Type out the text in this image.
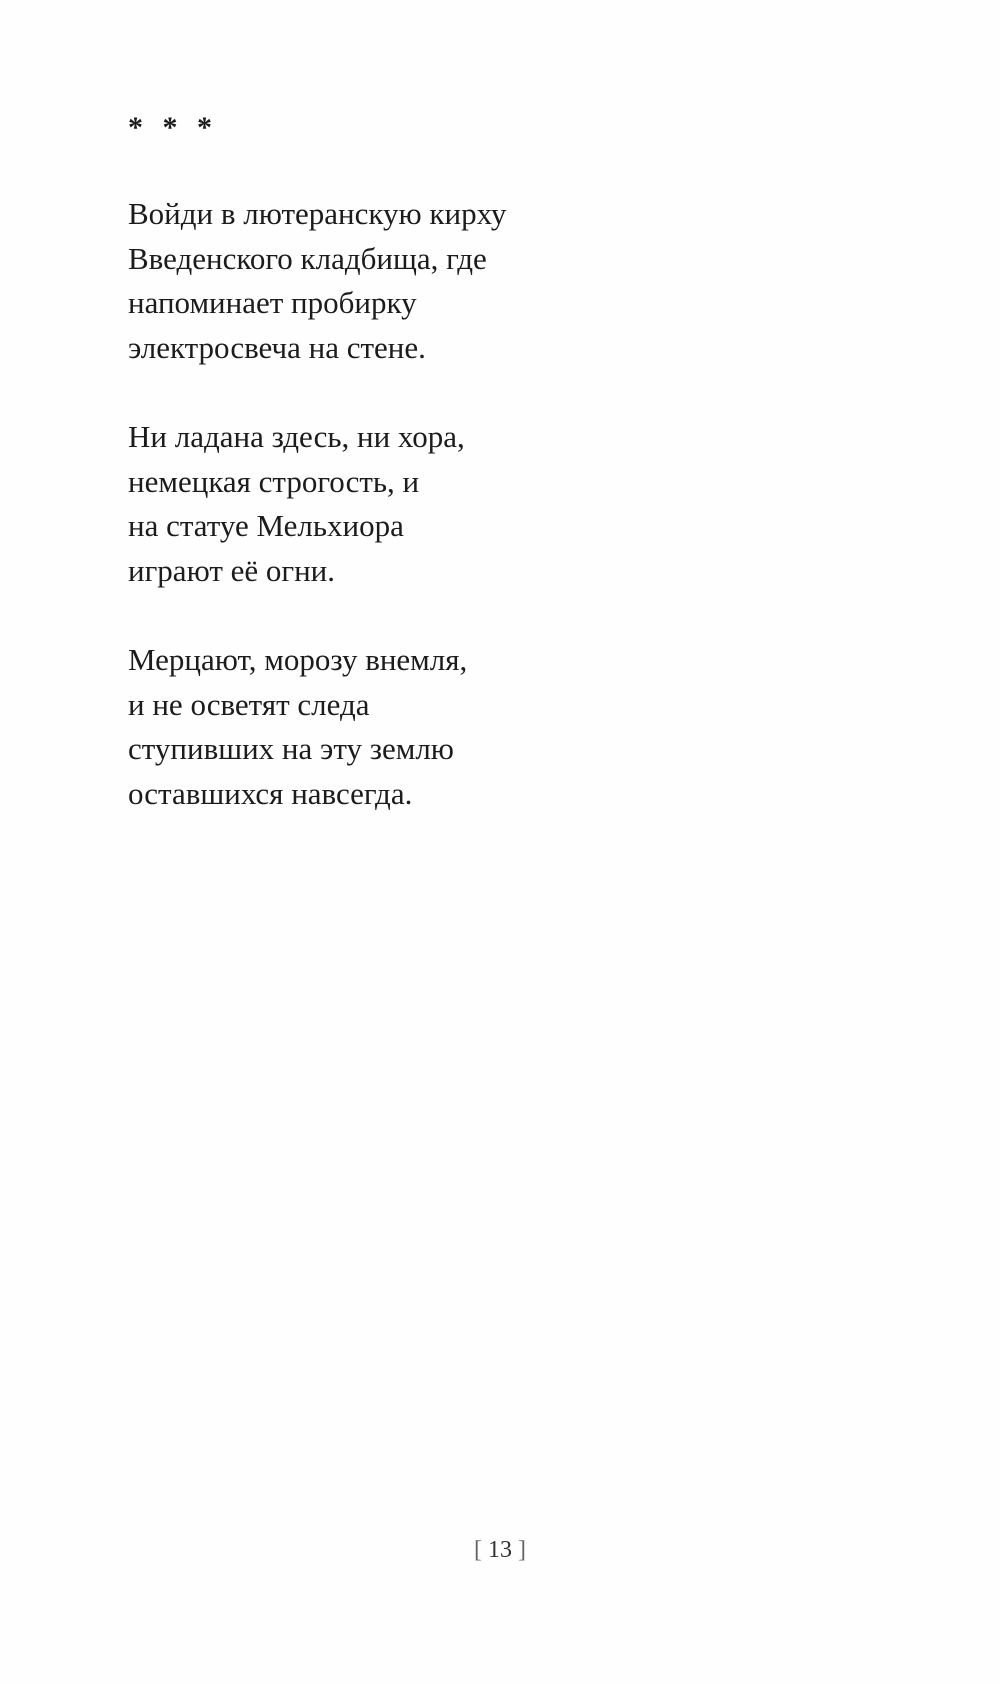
* * *
Войди в лютеранскую кирху
Введенского кладбища, где
напоминает пробирку
электросвеча на стене.
Ни ладана здесь, ни хора,
немецкая строгость, и
на статуе Мельхиора
играют её огни.
Мерцают, морозу внемля,
и не осветят следа
ступивших на эту землю
оставшихся навсегда.
[ 13 ]
